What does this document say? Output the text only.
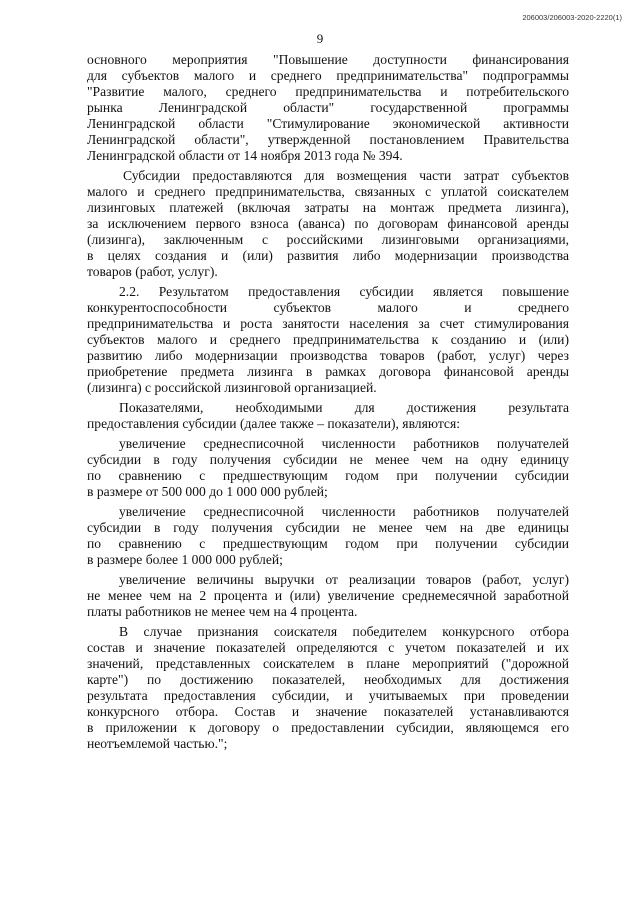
206003/206003-2020-2220(1)
9
основного мероприятия "Повышение доступности финансирования
для субъектов малого и среднего предпринимательства" подпрограммы
"Развитие малого, среднего предпринимательства и потребительского
рынка Ленинградской области" государственной программы
Ленинградской области "Стимулирование экономической активности
Ленинградской области", утвержденной постановлением Правительства
Ленинградской области от 14 ноября 2013 года № 394.
Субсидии предоставляются для возмещения части затрат субъектов
малого и среднего предпринимательства, связанных с уплатой соискателем
лизинговых платежей (включая затраты на монтаж предмета лизинга),
за исключением первого взноса (аванса) по договорам финансовой аренды
(лизинга), заключенным с российскими лизинговыми организациями,
в целях создания и (или) развития либо модернизации производства
товаров (работ, услуг).
2.2. Результатом предоставления субсидии является повышение
конкурентоспособности субъектов малого и среднего
предпринимательства и роста занятости населения за счет стимулирования
субъектов малого и среднего предпринимательства к созданию и (или)
развитию либо модернизации производства товаров (работ, услуг) через
приобретение предмета лизинга в рамках договора финансовой аренды
(лизинга) с российской лизинговой организацией.
Показателями, необходимыми для достижения результата
предоставления субсидии (далее также – показатели), являются:
увеличение среднесписочной численности работников получателей
субсидии в году получения субсидии не менее чем на одну единицу
по сравнению с предшествующим годом при получении субсидии
в размере от 500 000 до 1 000 000 рублей;
увеличение среднесписочной численности работников получателей
субсидии в году получения субсидии не менее чем на две единицы
по сравнению с предшествующим годом при получении субсидии
в размере более 1 000 000 рублей;
увеличение величины выручки от реализации товаров (работ, услуг)
не менее чем на 2 процента и (или) увеличение среднемесячной заработной
платы работников не менее чем на 4 процента.
В случае признания соискателя победителем конкурсного отбора
состав и значение показателей определяются с учетом показателей и их
значений, представленных соискателем в плане мероприятий ("дорожной
карте") по достижению показателей, необходимых для достижения
результата предоставления субсидии, и учитываемых при проведении
конкурсного отбора. Состав и значение показателей устанавливаются
в приложении к договору о предоставлении субсидии, являющемся его
неотъемлемой частью.";
